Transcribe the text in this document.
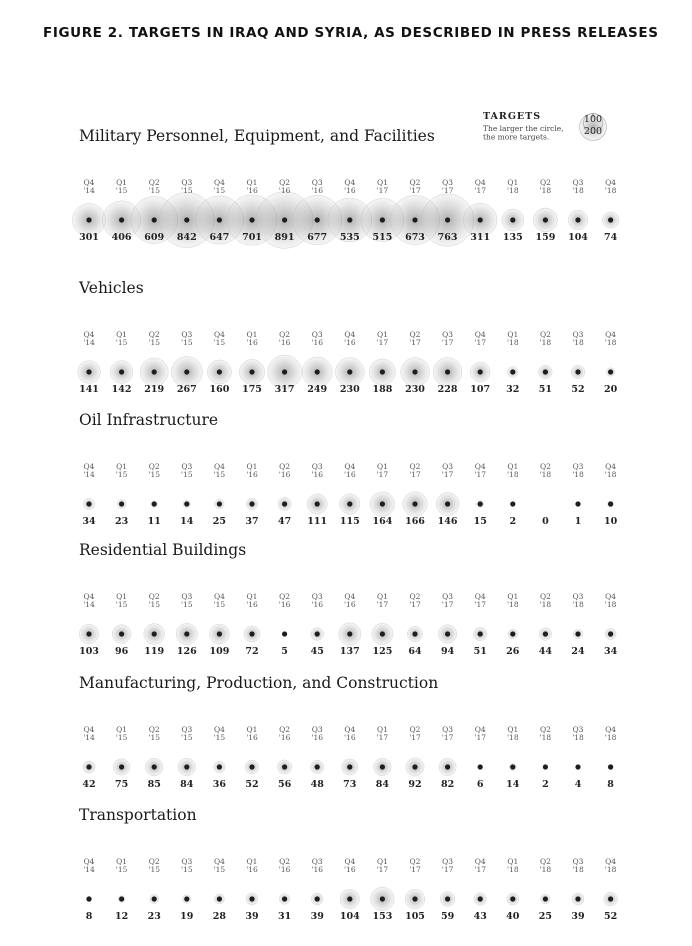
FIGURE 2. TARGETS IN IRAQ AND SYRIA, AS DESCRIBED IN PRESS RELEASES
Military Personnel, Equipment, and Facilities
Q4
'14
301
Q1
'15
406
Q2
'15
609
Q3
'15
842
Q4
'15
647
Q1
'16
701
Q2
'16
891
Q3
'16
677
Q4
'16
535
Q1
'17
515
Q2
'17
673
Q3
'17
763
Q4
'17
311
Q1
'18
135
Q2
'18
159
Q3
'18
104
Q4
'18
74
Vehicles
Q4
'14
141
Q1
'15
142
Q2
'15
219
Q3
'15
267
Q4
'15
160
Q1
'16
175
Q2
'16
317
Q3
'16
249
Q4
'16
230
Q1
'17
188
Q2
'17
230
Q3
'17
228
Q4
'17
107
Q1
'18
32
Q2
'18
51
Q3
'18
52
Q4
'18
20
Oil Infrastructure
Q4
'14
34
Q1
'15
23
Q2
'15
11
Q3
'15
14
Q4
'15
25
Q1
'16
37
Q2
'16
47
Q3
'16
111
Q4
'16
115
Q1
'17
164
Q2
'17
166
Q3
'17
146
Q4
'17
15
Q1
'18
2
Q2
'18
0
Q3
'18
1
Q4
'18
10
Residential Buildings
Q4
'14
103
Q1
'15
96
Q2
'15
119
Q3
'15
126
Q4
'15
109
Q1
'16
72
Q2
'16
5
Q3
'16
45
Q4
'16
137
Q1
'17
125
Q2
'17
64
Q3
'17
94
Q4
'17
51
Q1
'18
26
Q2
'18
44
Q3
'18
24
Q4
'18
34
Manufacturing, Production, and Construction
Q4
'14
42
Q1
'15
75
Q2
'15
85
Q3
'15
84
Q4
'15
36
Q1
'16
52
Q2
'16
56
Q3
'16
48
Q4
'16
73
Q1
'17
84
Q2
'17
92
Q3
'17
82
Q4
'17
6
Q1
'18
14
Q2
'18
2
Q3
'18
4
Q4
'18
8
Transportation
Q4
'14
8
Q1
'15
12
Q2
'15
23
Q3
'15
19
Q4
'15
28
Q1
'16
39
Q2
'16
31
Q3
'16
39
Q4
'16
104
Q1
'17
153
Q2
'17
105
Q3
'17
59
Q4
'17
43
Q1
'18
40
Q2
'18
25
Q3
'18
39
Q4
'18
52
TARGETS
The larger the circle,
the more targets.
100
200
